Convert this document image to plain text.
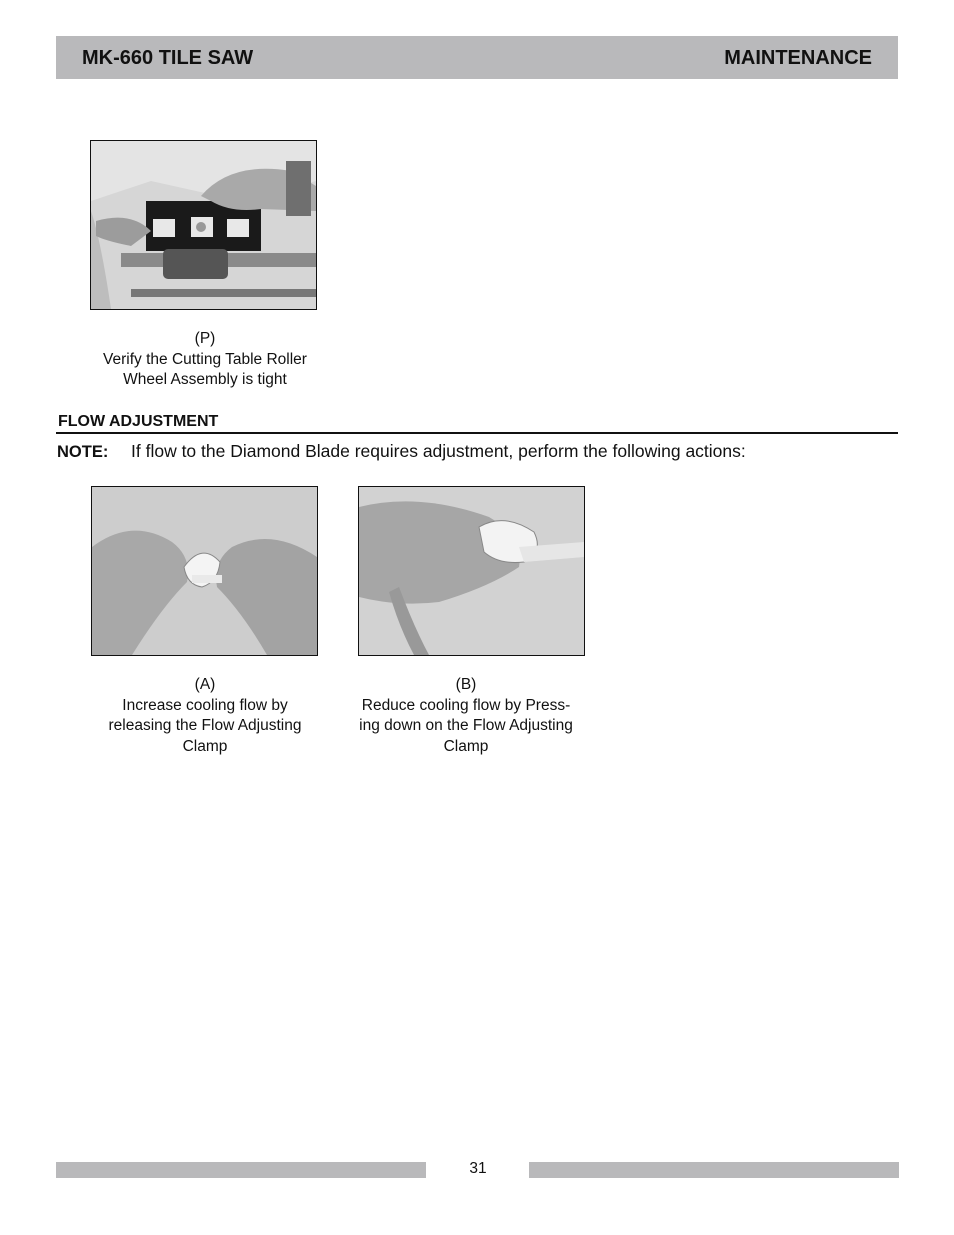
MK-660 TILE SAW	MAINTENANCE
(P)
Verify the Cutting Table Roller
Wheel Assembly is tight
FLOW ADJUSTMENT
NOTE: If flow to the Diamond Blade requires adjustment, perform the following actions:
(A)
Increase cooling flow by
releasing the Flow Adjusting
Clamp
(B)
Reduce cooling flow by Press-
ing down on the Flow Adjusting
Clamp
31
